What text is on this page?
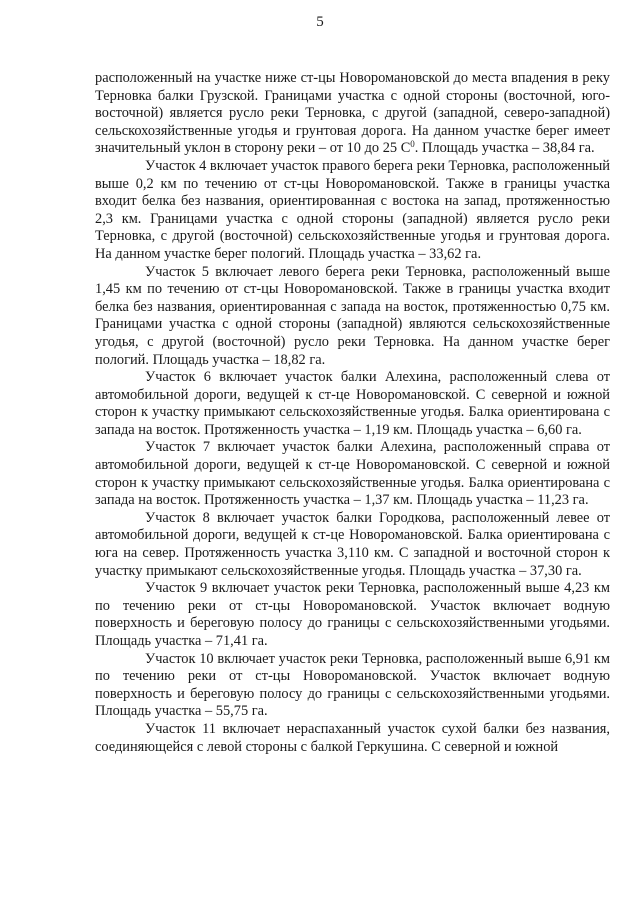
5

расположенный на участке ниже ст-цы Новоромановской до места впадения в реку Терновка балки Грузской. Границами участка с одной стороны (восточной, юго-восточной) является русло реки Терновка, с другой (западной, северо-западной) сельскохозяйственные угодья и грунтовая дорога. На данном участке берег имеет значительный уклон в сторону реки – от 10 до 25 $С^0$. Площадь участка – 38,84 га.

Участок 4 включает участок правого берега реки Терновка, расположенный выше 0,2 км по течению от ст-цы Новоромановской. Также в границы участка входит белка без названия, ориентированная с востока на запад, протяженностью 2,3 км. Границами участка с одной стороны (западной) является русло реки Терновка, с другой (восточной) сельскохозяйственные угодья и грунтовая дорога. На данном участке берег пологий. Площадь участка – 33,62 га.

Участок 5 включает левого берега реки Терновка, расположенный выше 1,45 км по течению от ст-цы Новоромановской. Также в границы участка входит белка без названия, ориентированная с запада на восток, протяженностью 0,75 км. Границами участка с одной стороны (западной) являются сельскохозяйственные угодья, с другой (восточной) русло реки Терновка. На данном участке берег пологий. Площадь участка – 18,82 га.

Участок 6 включает участок балки Алехина, расположенный слева от автомобильной дороги, ведущей к ст-це Новоромановской. С северной и южной сторон к участку примыкают сельскохозяйственные угодья. Балка ориентирована с запада на восток. Протяженность участка – 1,19 км. Площадь участка – 6,60 га.

Участок 7 включает участок балки Алехина, расположенный справа от автомобильной дороги, ведущей к ст-це Новоромановской. С северной и южной сторон к участку примыкают сельскохозяйственные угодья. Балка ориентирована с запада на восток. Протяженность участка – 1,37 км. Площадь участка – 11,23 га.

Участок 8 включает участок балки Городкова, расположенный левее от автомобильной дороги, ведущей к ст-це Новоромановской. Балка ориентирована с юга на север. Протяженность участка 3,110 км. С западной и восточной сторон к участку примыкают сельскохозяйственные угодья. Площадь участка – 37,30 га.

Участок 9 включает участок реки Терновка, расположенный выше 4,23 км по течению реки от ст-цы Новоромановской. Участок включает водную поверхность и береговую полосу до границы с сельскохозяйственными угодьями. Площадь участка – 71,41 га.

Участок 10 включает участок реки Терновка, расположенный выше 6,91 км по течению реки от ст-цы Новоромановской. Участок включает водную поверхность и береговую полосу до границы с сельскохозяйственными угодьями. Площадь участка – 55,75 га.

Участок 11 включает нераспаханный участок сухой балки без названия, соединяющейся с левой стороны с балкой Геркушина. С северной и южной
